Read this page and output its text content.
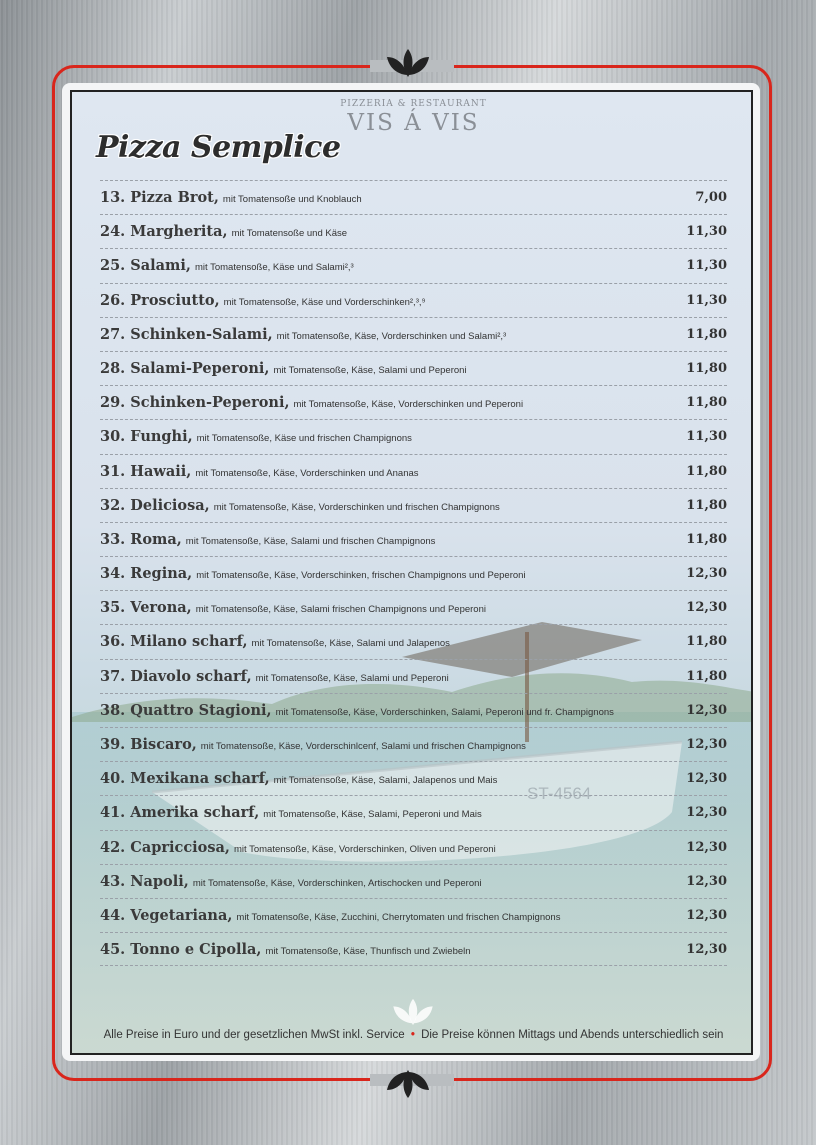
ST-4564
PIZZERIA & RESTAURANT
VIS Á VIS
Pizza Semplice
13. Pizza Brot, mit Tomatensoße und Knoblauch	7,00
24. Margherita, mit Tomatensoße und Käse	11,30
25. Salami, mit Tomatensoße, Käse und Salami²,³	11,30
26. Prosciutto, mit Tomatensoße, Käse und Vorderschinken²,³,⁹	11,30
27. Schinken-Salami, mit Tomatensoße, Käse, Vorderschinken und Salami²,³	11,80
28. Salami-Peperoni, mit Tomatensoße, Käse, Salami und Peperoni	11,80
29. Schinken-Peperoni, mit Tomatensoße, Käse, Vorderschinken und Peperoni	11,80
30. Funghi, mit Tomatensoße, Käse und frischen Champignons	11,30
31. Hawaii, mit Tomatensoße, Käse, Vorderschinken und Ananas	11,80
32. Deliciosa, mit Tomatensoße, Käse, Vorderschinken und frischen Champignons	11,80
33. Roma, mit Tomatensoße, Käse, Salami und frischen Champignons	11,80
34. Regina, mit Tomatensoße, Käse, Vorderschinken, frischen Champignons und Peperoni	12,30
35. Verona, mit Tomatensoße, Käse, Salami frischen Champignons und Peperoni	12,30
36. Milano scharf, mit Tomatensoße, Käse, Salami und Jalapenos	11,80
37. Diavolo scharf, mit Tomatensoße, Käse, Salami und Peperoni	11,80
38. Quattro Stagioni, mit Tomatensoße, Käse, Vorderschinken, Salami, Peperoni und fr. Champignons	12,30
39. Biscaro, mit Tomatensoße, Käse, Vorderschinlcenf, Salami und frischen Champignons	12,30
40. Mexikana scharf, mit Tomatensoße, Käse, Salami, Jalapenos und Mais	12,30
41. Amerika scharf, mit Tomatensoße, Käse, Salami, Peperoni und Mais	12,30
42. Capricciosa, mit Tomatensoße, Käse, Vorderschinken, Oliven und Peperoni	12,30
43. Napoli, mit Tomatensoße, Käse, Vorderschinken, Artischocken und Peperoni	12,30
44. Vegetariana, mit Tomatensoße, Käse, Zucchini, Cherrytomaten und frischen Champignons	12,30
45. Tonno e Cipolla, mit Tomatensoße, Käse, Thunfisch und Zwiebeln	12,30
Alle Preise in Euro und der gesetzlichen MwSt inkl. Service • Die Preise können Mittags und Abends unterschiedlich sein
